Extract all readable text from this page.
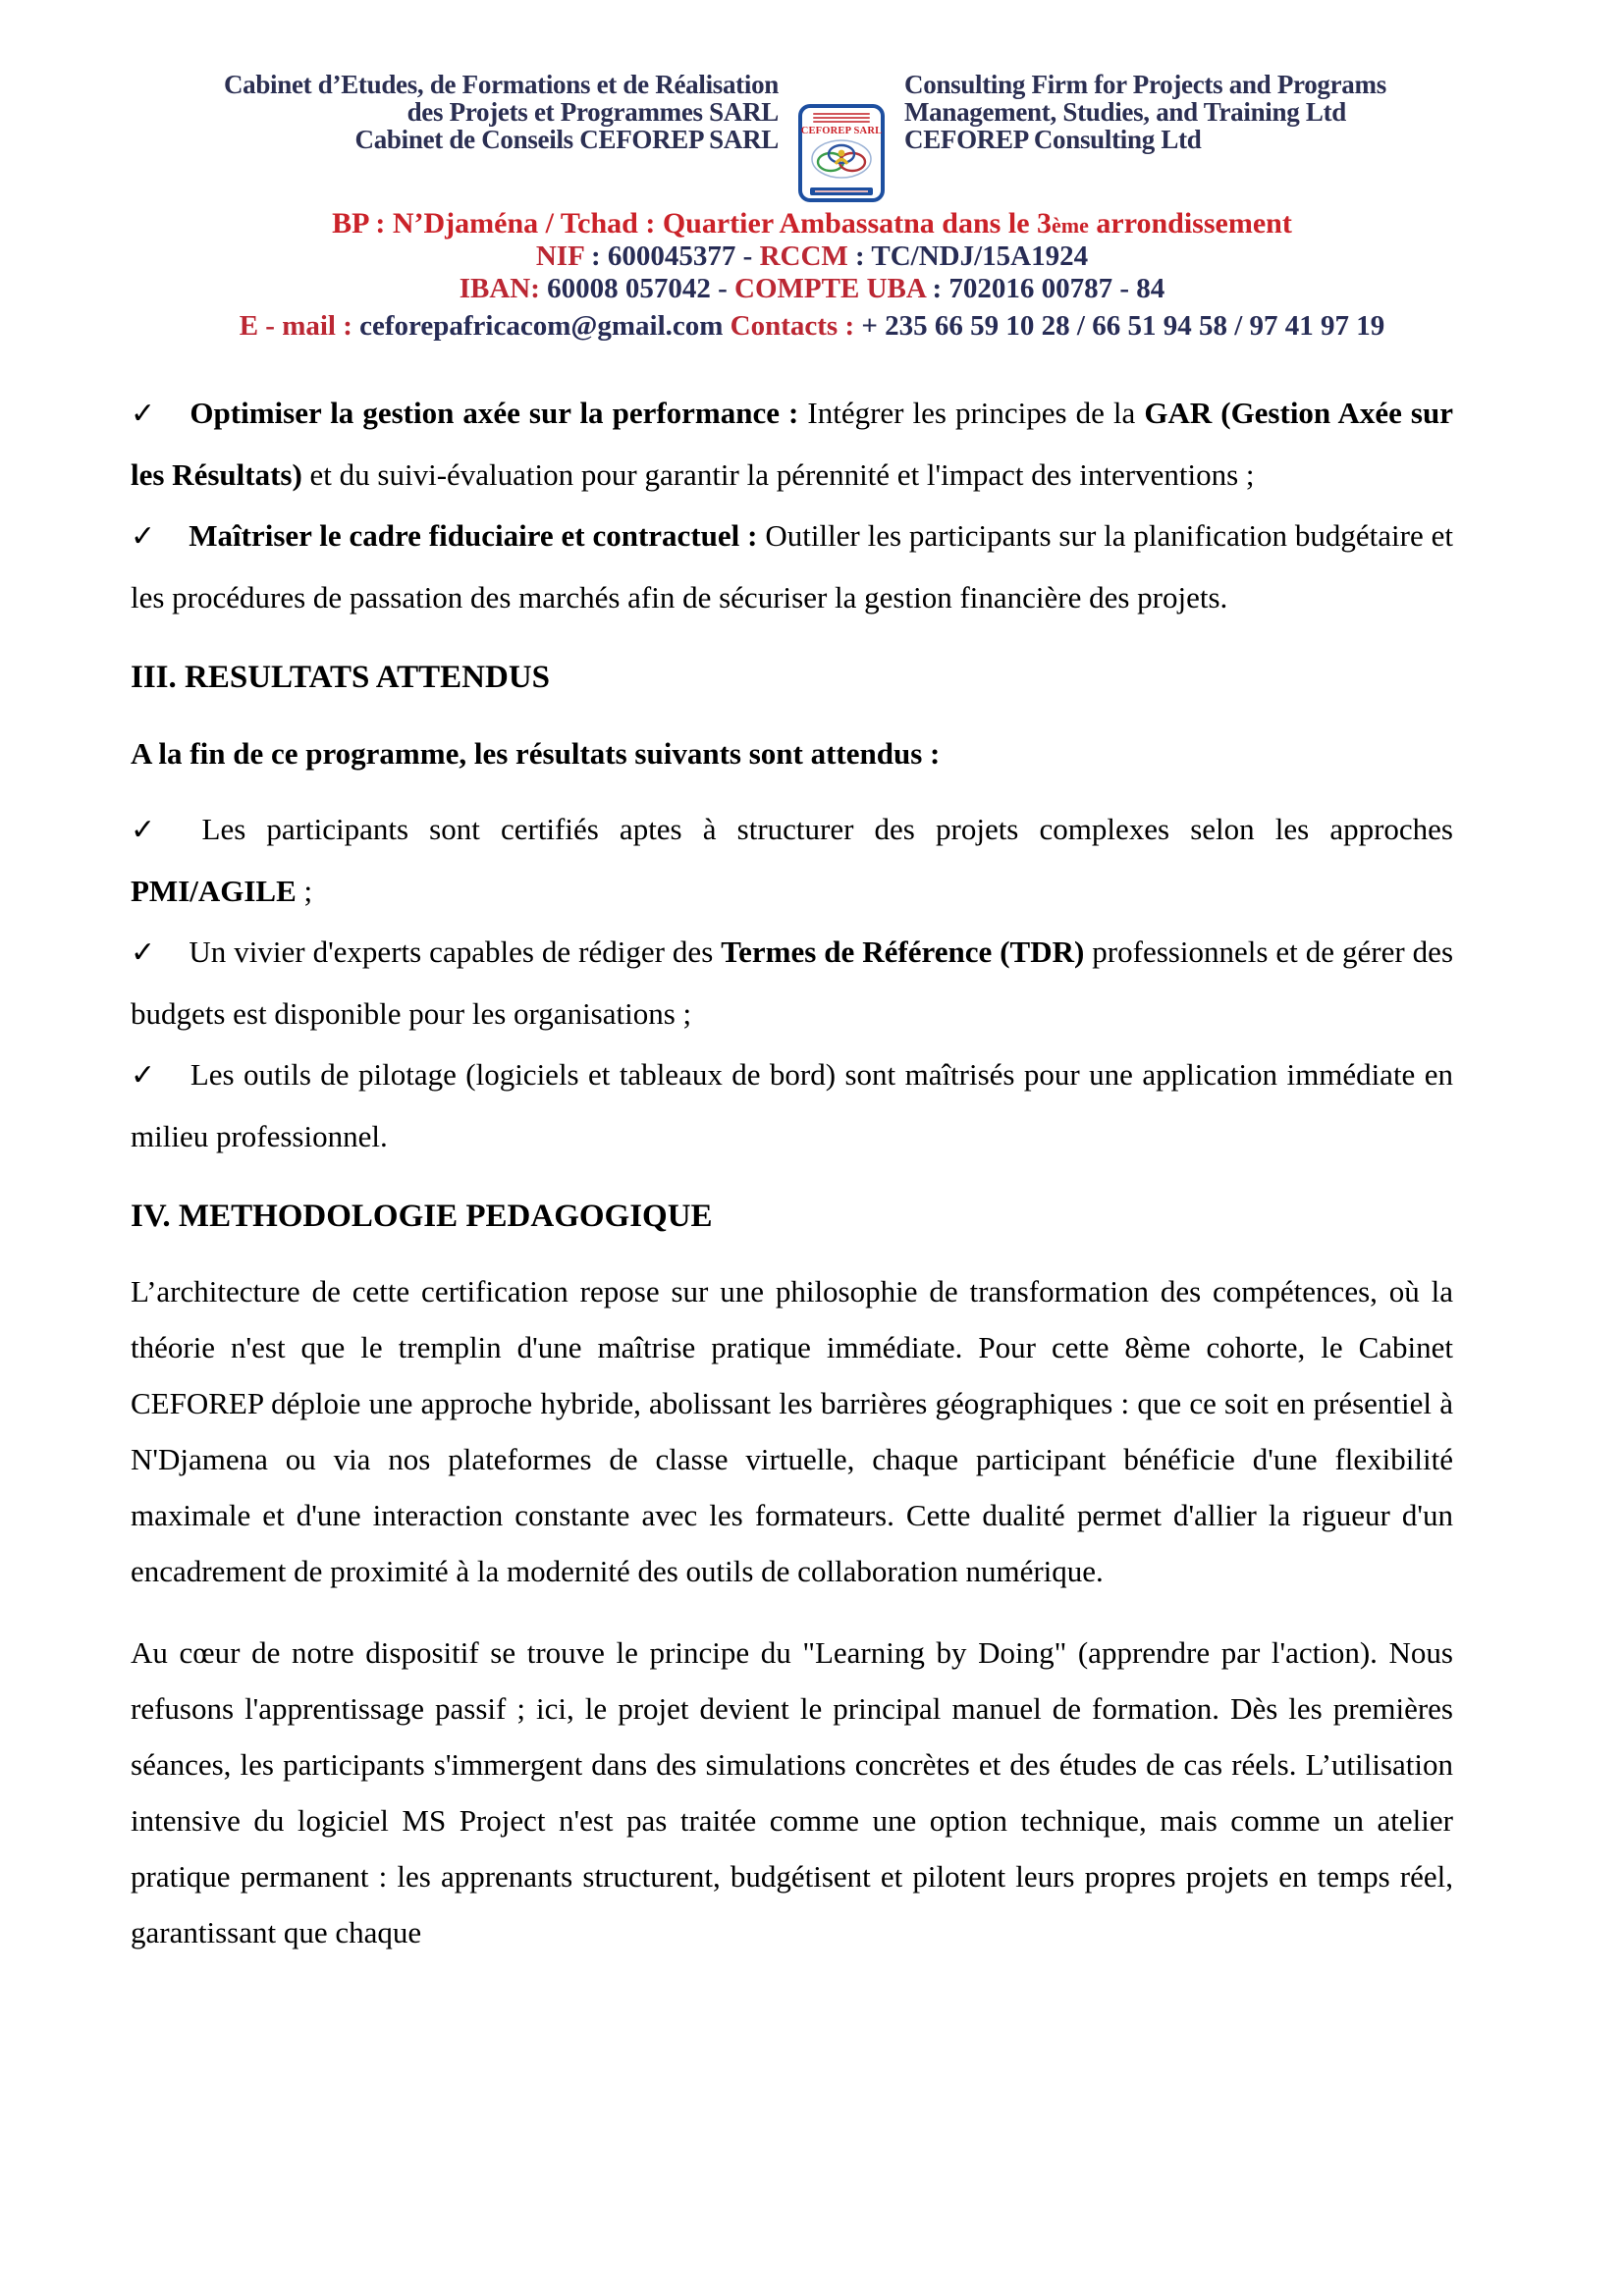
Cabinet d’Etudes, de Formations et de Réalisation
des Projets et Programmes SARL
Cabinet de Conseils CEFOREP SARL CEFOREP SARL
Consulting Firm for Projects and Programs
Management, Studies, and Training Ltd
CEFOREP Consulting Ltd
BP : N’Djaména / Tchad : Quartier Ambassatna dans le 3ème arrondissement
NIF : 600045377 - RCCM : TC/NDJ/15A1924
IBAN: 60008 057042 - COMPTE UBA : 702016 00787 - 84
E - mail : ceforepafricacom@gmail.com Contacts : + 235 66 59 10 28 / 66 51 94 58 / 97 41 97 19
✓ Optimiser la gestion axée sur la performance : Intégrer les principes de la GAR (Gestion Axée sur les Résultats) et du suivi-évaluation pour garantir la pérennité et l'impact des interventions ;
✓ Maîtriser le cadre fiduciaire et contractuel : Outiller les participants sur la planification budgétaire et les procédures de passation des marchés afin de sécuriser la gestion financière des projets.
III. RESULTATS ATTENDUS
A la fin de ce programme, les résultats suivants sont attendus :
✓ Les participants sont certifiés aptes à structurer des projets complexes selon les approches PMI/AGILE ;
✓ Un vivier d'experts capables de rédiger des Termes de Référence (TDR) professionnels et de gérer des budgets est disponible pour les organisations ;
✓ Les outils de pilotage (logiciels et tableaux de bord) sont maîtrisés pour une application immédiate en milieu professionnel.
IV. METHODOLOGIE PEDAGOGIQUE
L’architecture de cette certification repose sur une philosophie de transformation des compétences, où la théorie n'est que le tremplin d'une maîtrise pratique immédiate. Pour cette 8ème cohorte, le Cabinet CEFOREP déploie une approche hybride, abolissant les barrières géographiques : que ce soit en présentiel à N'Djamena ou via nos plateformes de classe virtuelle, chaque participant bénéficie d'une flexibilité maximale et d'une interaction constante avec les formateurs. Cette dualité permet d'allier la rigueur d'un encadrement de proximité à la modernité des outils de collaboration numérique.
Au cœur de notre dispositif se trouve le principe du "Learning by Doing" (apprendre par l'action). Nous refusons l'apprentissage passif ; ici, le projet devient le principal manuel de formation. Dès les premières séances, les participants s'immergent dans des simulations concrètes et des études de cas réels. L’utilisation intensive du logiciel MS Project n'est pas traitée comme une option technique, mais comme un atelier pratique permanent : les apprenants structurent, budgétisent et pilotent leurs propres projets en temps réel, garantissant que chaque
